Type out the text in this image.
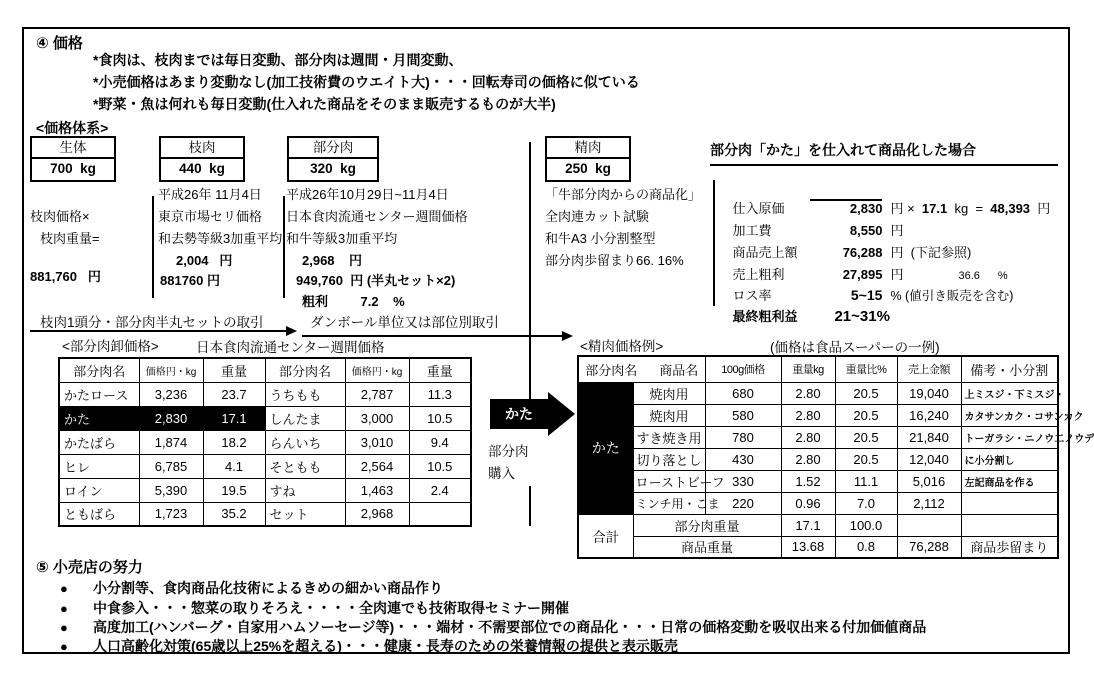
④ 価格
*食肉は、枝肉までは毎日変動、部分肉は週間・月間変動、
*小売価格はあまり変動なし(加工技術費のウエイト大)・・・回転寿司の価格に似ている
*野菜・魚は何れも毎日変動(仕入れた商品をそのまま販売するものが大半)
<価格体系>
生体
700 kg
枝肉
440 kg
部分肉
320 kg
精肉
250 kg
枝肉価格×
枝肉重量=
881,760 円
平成26年 11月4日
東京市場セリ価格
和去勢等級3加重平均
2,004 円
881760 円
平成26年10月29日~11月4日
日本食肉流通センター週間価格
和牛等級3加重平均
2,968 円
949,760 円 (半丸セット×2)
粗利	7.2 %
「牛部分肉からの商品化」
全肉連カット試験
和牛A3 小分割整型
部分肉歩留まり66. 16%
部分肉「かた」を仕入れて商品化した場合

仕入原価	2,830 円 × 17.1 kg = 48,393 円

加工費	8,550 円

商品売上額	76,288 円  (下記参照)

売上粗利	27,895 円	36.6 %

ロス率	5~15 % (値引き販売を含む)

最終粗利益 21~31%

枝肉1頭分・部分肉半丸セットの取引	ダンボール単位又は部位別取引
<部分肉卸価格>	日本食肉流通センター週間価格	<精肉価格例>	(価格は食品スーパーの一例)
部分肉名	価格円・kg	重量	部分肉名	価格円・kg	重量
かたロース	3,236	23.7	うちもも	2,787	11.3
かた	2,830	17.1	しんたま	3,000	10.5
かたばら	1,874	18.2	らんいち	3,010	9.4
ヒレ	6,785	4.1	そともも	2,564	10.5
ロイン	5,390	19.5	すね	1,463	2.4
ともばら	1,723	35.2	セット	2,968	
かた
部分肉
購入
部分肉名 商品名		100g価格	重量kg	重量比%	売上金額	備考・小分割
かた	焼肉用	680	2.80	20.5	19,040	上ミスジ・下ミスジ・
	焼肉用	580	2.80	20.5	16,240	カタサンカク・コサンカク
	すき焼き用	780	2.80	20.5	21,840	トーガラシ・ニノウ二ノウデ
	切り落とし	430	2.80	20.5	12,040	に小分割し
	ローストビーフ	330	1.52	11.1	5,016	左記商品を作る
	ミンチ用・こま	220	0.96	7.0	2,112	
合計	部分肉重量		17.1	100.0		
	商品重量		13.68	0.8	76,288	商品歩留まり
⑤ 小売店の努力
● 小分割等、食肉商品化技術によるきめの細かい商品作り
● 中食参入・・・惣菜の取りそろえ・・・・全肉連でも技術取得セミナー開催
● 高度加工(ハンバーグ・自家用ハムソーセージ等)・・・端材・不需要部位での商品化・・・日常の価格変動を吸収出来る付加価値商品
● 人口高齢化対策(65歳以上25%を超える)・・・健康・長寿のための栄養情報の提供と表示販売
